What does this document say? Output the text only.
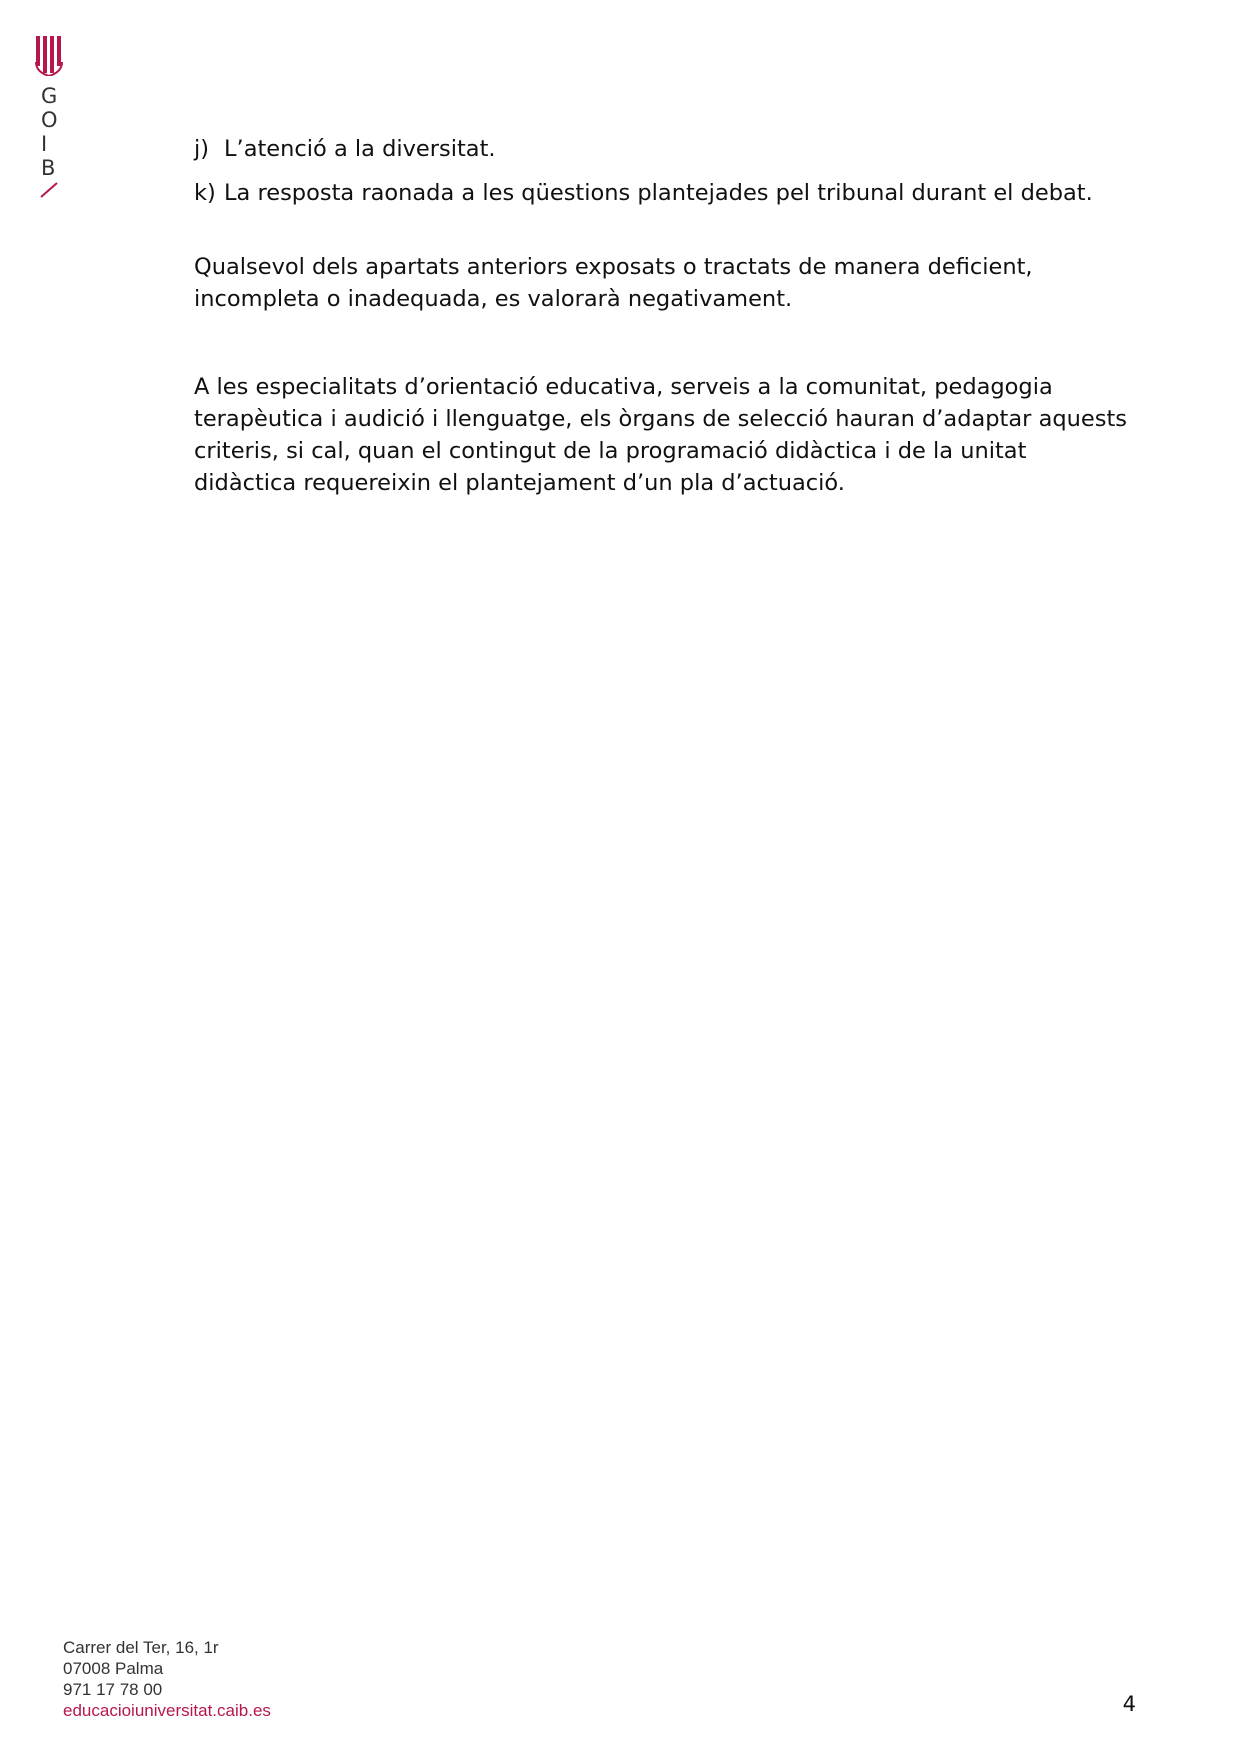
G
O
I
B
j) L’atenció a la diversitat.
k) La resposta raonada a les qüestions plantejades pel tribunal durant el debat.

Qualsevol dels apartats anteriors exposats o tractats de manera deficient, incompleta o inadequada, es valorarà negativament.

A les especialitats d’orientació educativa, serveis a la comunitat, pedagogia terapèutica i audició i llenguatge, els òrgans de selecció hauran d’adaptar aquests criteris, si cal, quan el contingut de la programació didàctica i de la unitat didàctica requereixin el plantejament d’un pla d’actuació.

Carrer del Ter, 16, 1r
07008 Palma
971 17 78 00
educacioiuniversitat.caib.es	4
